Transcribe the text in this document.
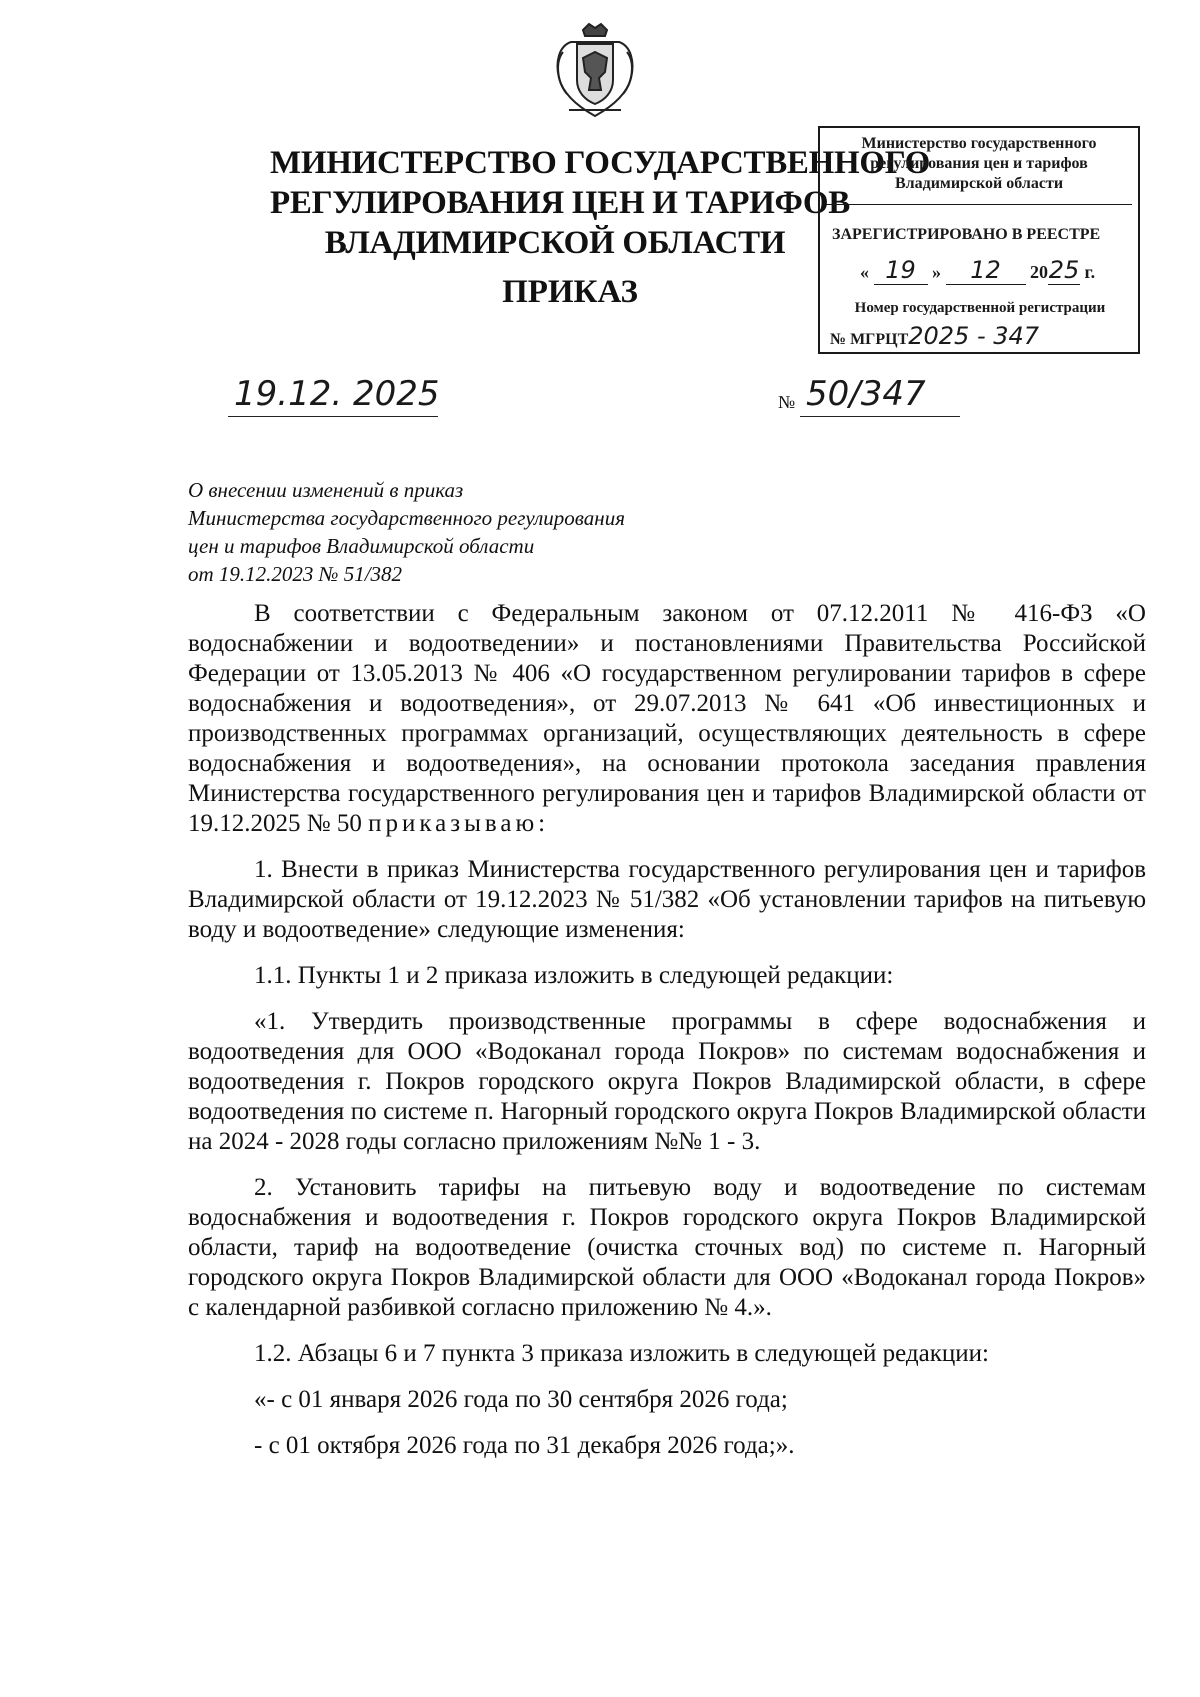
МИНИСТЕРСТВО ГОСУДАРСТВЕННОГО
РЕГУЛИРОВАНИЯ ЦЕН И ТАРИФОВ
ВЛАДИМИРСКОЙ ОБЛАСТИ
ПРИКАЗ
Министерство государственного
регулирования цен и тарифов
Владимирской области
ЗАРЕГИСТРИРОВАНО В РЕЕСТРЕ
« 19 » 12 2025 г.
Номер государственной регистрации
№ МГРЦТ2025 - 347
19.12. 2025	№ 50/347
О внесении изменений в приказ
Министерства государственного регулирования
цен и тарифов Владимирской области
от 19.12.2023 № 51/382

В соответствии с Федеральным законом от 07.12.2011 № 416-ФЗ «О водоснабжении и водоотведении» и постановлениями Правительства Российской Федерации от 13.05.2013 № 406 «О государственном регулировании тарифов в сфере водоснабжения и водоотведения», от 29.07.2013 № 641 «Об инвестиционных и производственных программах организаций, осуществляющих деятельность в сфере водоснабжения и водоотведения», на основании протокола заседания правления Министерства государственного регулирования цен и тарифов Владимирской области от 19.12.2025 № 50 приказываю:

1. Внести в приказ Министерства государственного регулирования цен и тарифов Владимирской области от 19.12.2023 № 51/382 «Об установлении тарифов на питьевую воду и водоотведение» следующие изменения:

1.1. Пункты 1 и 2 приказа изложить в следующей редакции:

«1. Утвердить производственные программы в сфере водоснабжения и водоотведения для ООО «Водоканал города Покров» по системам водоснабжения и водоотведения г. Покров городского округа Покров Владимирской области, в сфере водоотведения по системе п. Нагорный городского округа Покров Владимирской области на 2024 - 2028 годы согласно приложениям №№ 1 - 3.

2. Установить тарифы на питьевую воду и водоотведение по системам водоснабжения и водоотведения г. Покров городского округа Покров Владимирской области, тариф на водоотведение (очистка сточных вод) по системе п. Нагорный городского округа Покров Владимирской области для ООО «Водоканал города Покров» с календарной разбивкой согласно приложению № 4.».

1.2. Абзацы 6 и 7 пункта 3 приказа изложить в следующей редакции:

«- с 01 января 2026 года по 30 сентября 2026 года;

- с 01 октября 2026 года по 31 декабря 2026 года;».
